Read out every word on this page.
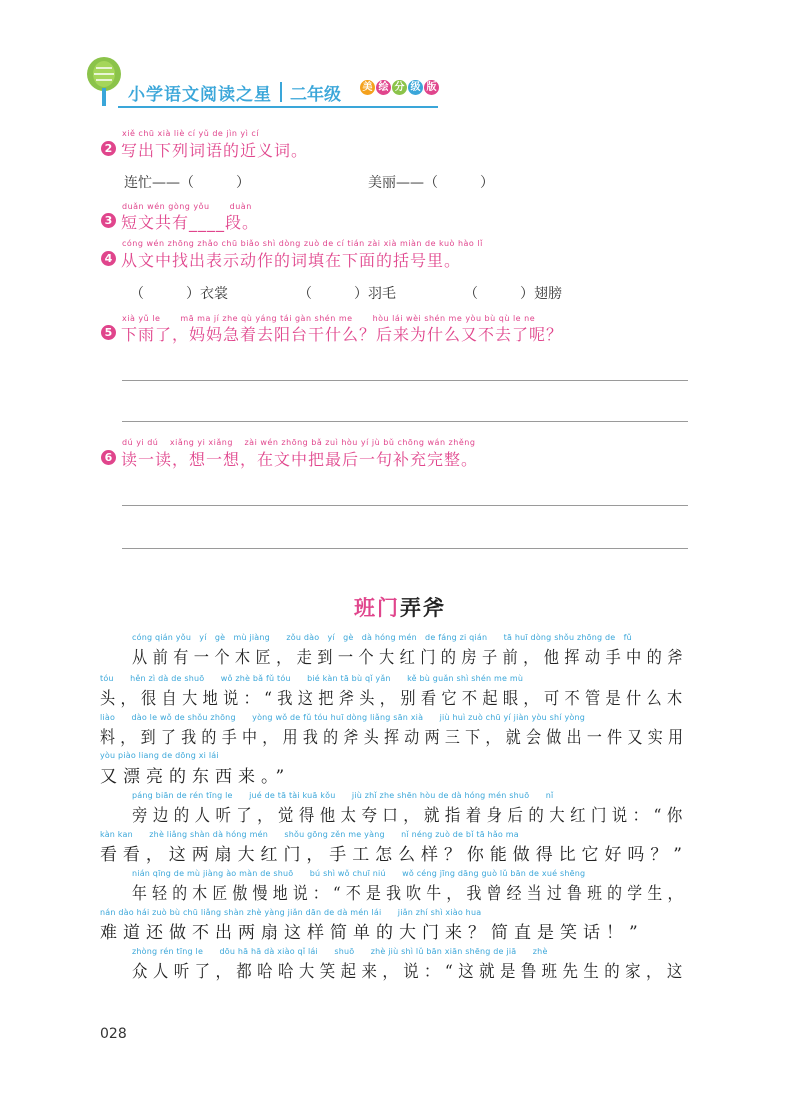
小学语文阅读之星 二年级 美 绘 分 级 版
xiě chū xià liè cí yǔ de jìn yì cí
2 写出下列词语的近义词。
连忙——（　　　）	美丽——（　　　）
duǎn wén gòng yǒu　　 duàn
3 短文共有____段。
cóng wén zhōng zhǎo chū biǎo shì dòng zuò de cí tián zài xià miàn de kuò hào lǐ
4 从文中找出表示动作的词填在下面的括号里。
（　　　）衣裳	（　　　）羽毛	（　　　）翅膀
xià yǔ le　　 mā ma jí zhe qù yáng tái gàn shén me　　 hòu lái wèi shén me yòu bù qù le ne
5 下雨了，妈妈急着去阳台干什么？后来为什么又不去了呢？
dú yi dú　 xiǎng yi xiǎng　 zài wén zhōng bǎ zuì hòu yí jù bǔ chōng wán zhěng
6 读一读，想一想，在文中把最后一句补充完整。
班门弄斧
cóng qián yǒu　yí　gè　mù jiàng　　zǒu dào　yí　gè　dà hóng mén　de fáng zi qián　　tā huī dòng shǒu zhōng de　fǔ
从前有一个木匠，走到一个大红门的房子前，他挥动手中的斧
tóu　　hěn zì dà de shuō　　wǒ zhè bǎ fǔ tóu　　bié kàn tā bù qǐ yǎn　　kě bù guǎn shì shén me mù
头，很自大地说：“我这把斧头，别看它不起眼，可不管是什么木
liào　　dào le wǒ de shǒu zhōng　　yòng wǒ de fǔ tóu huī dòng liǎng sān xià　　jiù huì zuò chū yí jiàn yòu shí yòng
料，到了我的手中，用我的斧头挥动两三下，就会做出一件又实用
yòu piào liang de dōng xi lái
又漂亮的东西来。”
páng biān de rén tīng le　　jué de tā tài kuā kǒu　　jiù zhǐ zhe shēn hòu de dà hóng mén shuō　　nǐ
旁边的人听了，觉得他太夸口，就指着身后的大红门说：“你
kàn kan　　zhè liǎng shàn dà hóng mén　　shǒu gōng zěn me yàng　　nǐ néng zuò de bǐ tā hǎo ma
看看，这两扇大红门，手工怎么样？你能做得比它好吗？”
nián qīng de mù jiàng ào màn de shuō　　bú shì wǒ chuī niú　　wǒ céng jīng dāng guò lǔ bān de xué shēng
年轻的木匠傲慢地说：“不是我吹牛，我曾经当过鲁班的学生，
nán dào hái zuò bù chū liǎng shàn zhè yàng jiǎn dān de dà mén lái　　jiǎn zhí shì xiào hua
难道还做不出两扇这样简单的大门来？简直是笑话！”
zhòng rén tīng le　　dōu hā hā dà xiào qǐ lái　　shuō　　zhè jiù shì lǔ bān xiān shēng de jiā　　zhè
众人听了，都哈哈大笑起来，说：“这就是鲁班先生的家，这
028
